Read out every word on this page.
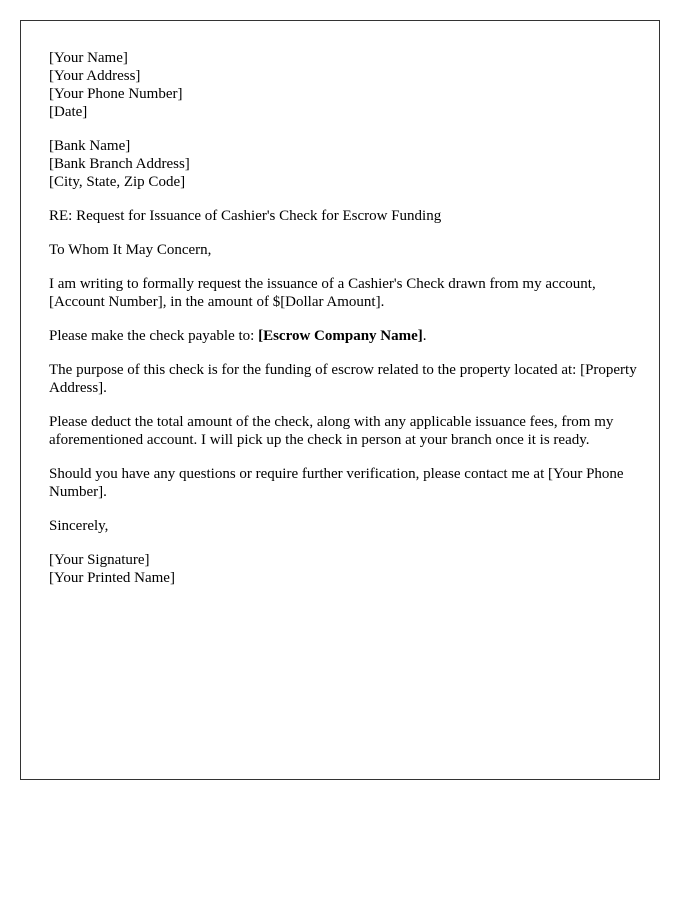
[Your Name]
[Your Address]
[Your Phone Number]
[Date]
[Bank Name]
[Bank Branch Address]
[City, State, Zip Code]

RE: Request for Issuance of Cashier's Check for Escrow Funding

To Whom It May Concern,

I am writing to formally request the issuance of a Cashier's Check drawn from my account, [Account Number], in the amount of $[Dollar Amount].

Please make the check payable to: [Escrow Company Name].

The purpose of this check is for the funding of escrow related to the property located at: [Property Address].

Please deduct the total amount of the check, along with any applicable issuance fees, from my aforementioned account. I will pick up the check in person at your branch once it is ready.

Should you have any questions or require further verification, please contact me at [Your Phone Number].

Sincerely,

[Your Signature]
[Your Printed Name]
